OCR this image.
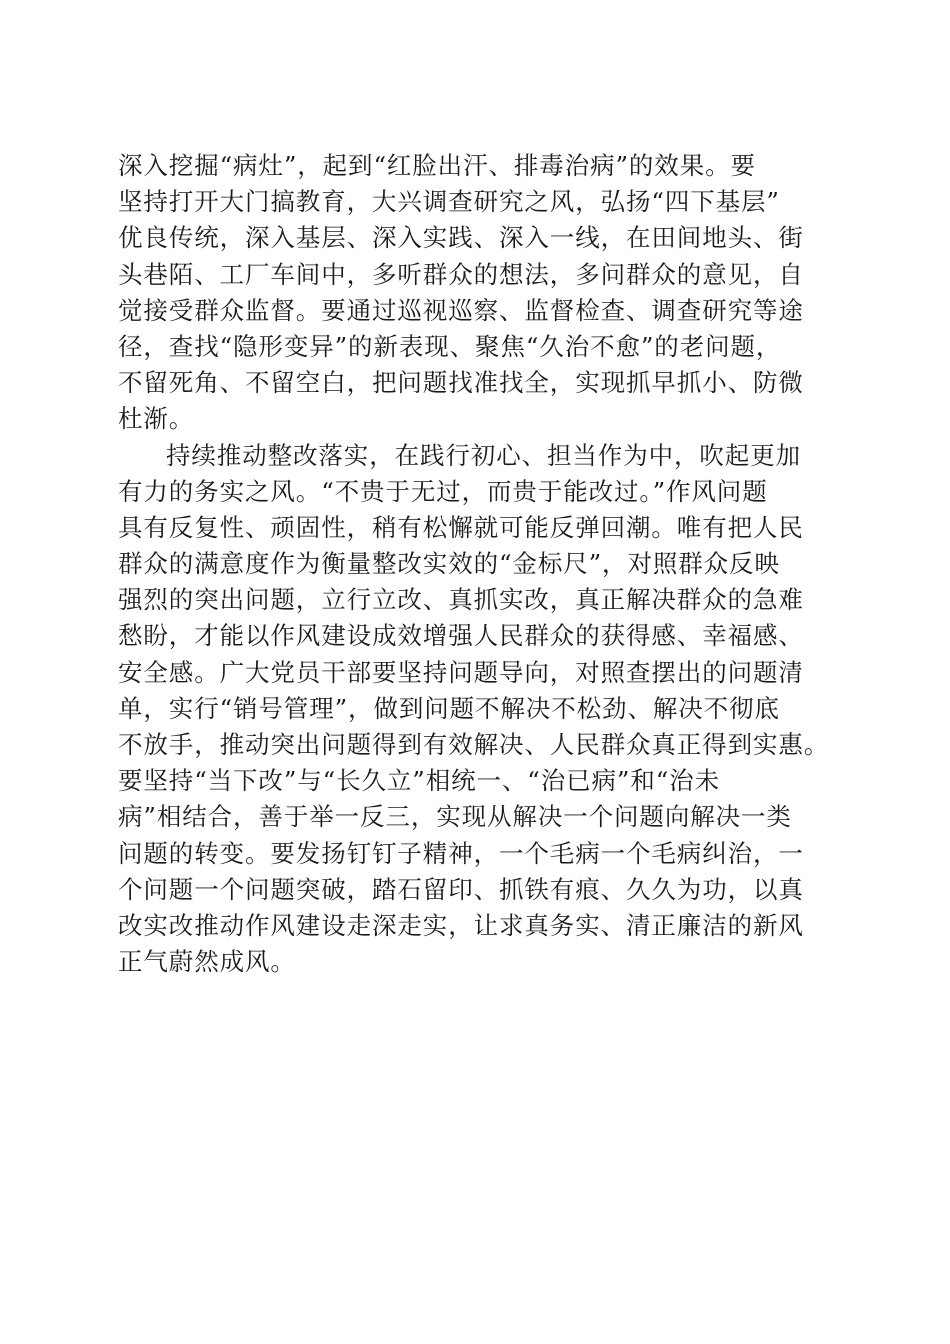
深入挖掘“病灶”，起到“红脸出汗、排毒治病”的效果。要
坚持打开大门搞教育，大兴调查研究之风，弘扬“四下基层”
优良传统，深入基层、深入实践、深入一线，在田间地头、街
头巷陌、工厂车间中，多听群众的想法，多问群众的意见，自
觉接受群众监督。要通过巡视巡察、监督检查、调查研究等途
径，查找“隐形变异”的新表现、聚焦“久治不愈”的老问题，
不留死角、不留空白，把问题找准找全，实现抓早抓小、防微
杜渐。
持续推动整改落实，在践行初心、担当作为中，吹起更加
有力的务实之风。“不贵于无过，而贵于能改过。”作风问题
具有反复性、顽固性，稍有松懈就可能反弹回潮。唯有把人民
群众的满意度作为衡量整改实效的“金标尺”，对照群众反映
强烈的突出问题，立行立改、真抓实改，真正解决群众的急难
愁盼，才能以作风建设成效增强人民群众的获得感、幸福感、
安全感。广大党员干部要坚持问题导向，对照查摆出的问题清
单，实行“销号管理”，做到问题不解决不松劲、解决不彻底
不放手，推动突出问题得到有效解决、人民群众真正得到实惠。
要坚持“当下改”与“长久立”相统一、“治已病”和“治未
病”相结合，善于举一反三，实现从解决一个问题向解决一类
问题的转变。要发扬钉钉子精神，一个毛病一个毛病纠治，一
个问题一个问题突破，踏石留印、抓铁有痕、久久为功，以真
改实改推动作风建设走深走实，让求真务实、清正廉洁的新风
正气蔚然成风。
